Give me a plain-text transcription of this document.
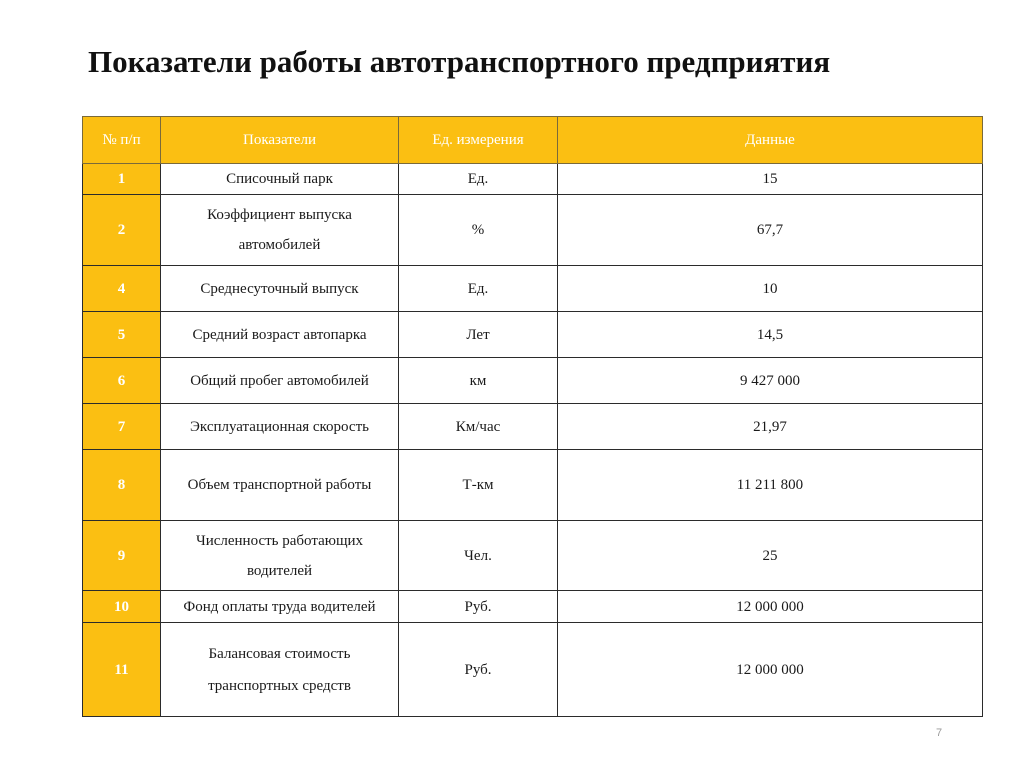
Показатели работы автотранспортного предприятия
№ п/п	Показатели	Ед. измерения	Данные
1	Списочный парк	Ед.	15
2	Коэффициент выпуска автомобилей	%	67,7
4	Среднесуточный выпуск	Ед.	10
5	Средний возраст автопарка	Лет	14,5
6	Общий пробег автомобилей	км	9 427 000
7	Эксплуатационная скорость	Км/час	21,97
8	Объем транспортной работы	Т-км	11 211 800
9	Численность работающих водителей	Чел.	25
10	Фонд оплаты труда водителей	Руб.	12 000 000
11	Балансовая стоимость транспортных средств	Руб.	12 000 000
7
